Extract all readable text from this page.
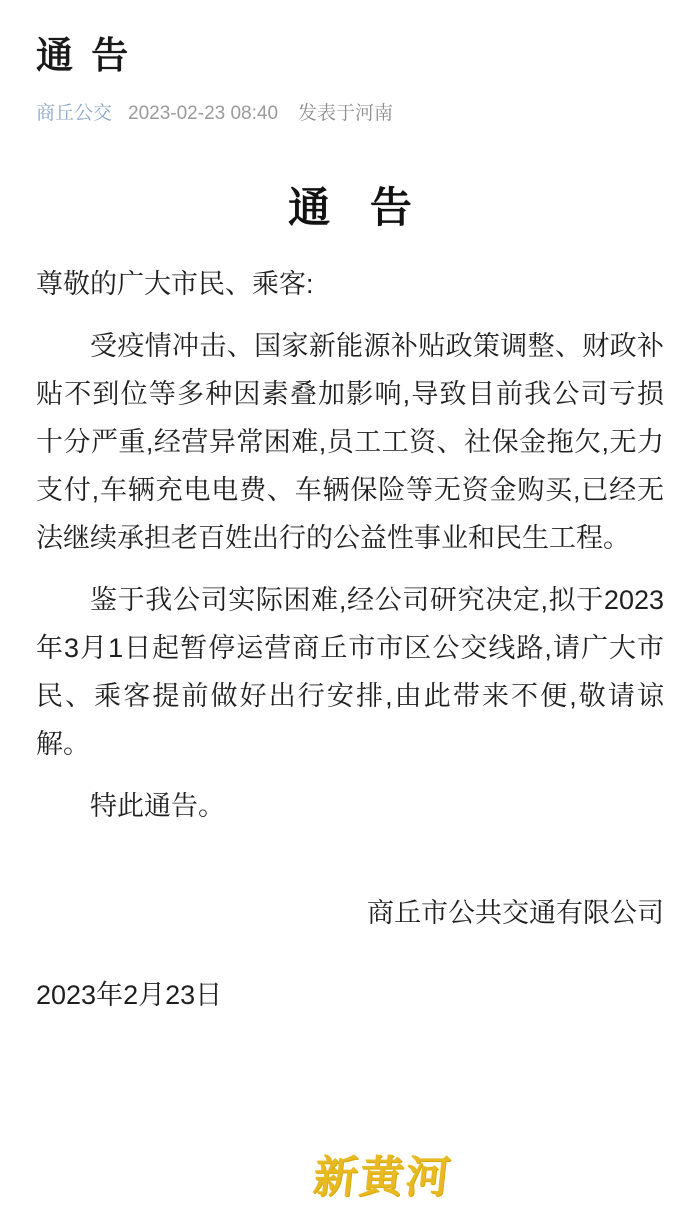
通 告
商丘公交 2023-02-23 08:40 发表于河南
通 告
尊敬的广大市民、乘客:

受疫情冲击、国家新能源补贴政策调整、财政补贴不到位等多种因素叠加影响,导致目前我公司亏损十分严重,经营异常困难,员工工资、社保金拖欠,无力支付,车辆充电电费、车辆保险等无资金购买,已经无法继续承担老百姓出行的公益性事业和民生工程。

鉴于我公司实际困难,经公司研究决定,拟于2023年3月1日起暂停运营商丘市市区公交线路,请广大市民、乘客提前做好出行安排,由此带来不便,敬请谅解。

特此通告。

商丘市公共交通有限公司
2023年2月23日
新黄河
